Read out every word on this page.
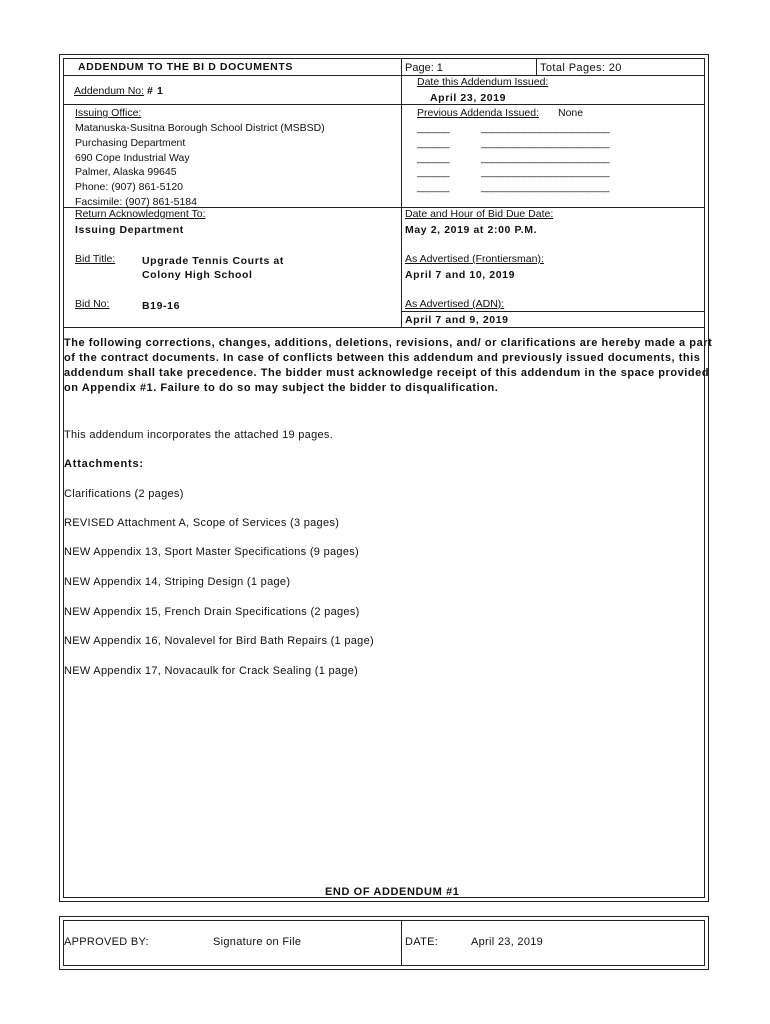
ADDENDUM TO THE BI D DOCUMENTS	Page: 1	Total Pages: 20
Addendum No: # 1
Date this Addendum Issued:
April 23, 2019
Issuing Office:
Matanuska-Susitna Borough School District (MSBSD)
Purchasing Department
690 Cope Industrial Way
Palmer, Alaska 99645
Phone: (907) 861-5120
Facsimile: (907) 861-5184
Previous Addenda Issued: None
______	________________________
______	________________________
______	________________________
______	________________________
______	________________________
Return Acknowledgment To:
Issuing Department
Date and Hour of Bid Due Date:
May 2, 2019 at 2:00 P.M.
Bid Title:	Upgrade Tennis Courts at
Colony High School
As Advertised (Frontiersman):
April 7 and 10, 2019
Bid No:	B19-16	As Advertised (ADN):
April 7 and 9, 2019
The following corrections, changes, additions, deletions, revisions, and/ or clarifications are hereby made a part of the contract documents. In case of conflicts between this addendum and previously issued documents, this addendum shall take precedence. The bidder must acknowledge receipt of this addendum in the space provided on Appendix #1. Failure to do so may subject the bidder to disqualification.
This addendum incorporates the attached 19 pages.
Attachments:
Clarifications (2 pages)
REVISED Attachment A, Scope of Services (3 pages)
NEW Appendix 13, Sport Master Specifications (9 pages)
NEW Appendix 14, Striping Design (1 page)
NEW Appendix 15, French Drain Specifications (2 pages)
NEW Appendix 16, Novalevel for Bird Bath Repairs (1 page)
NEW Appendix 17, Novacaulk for Crack Sealing (1 page)
END OF ADDENDUM #1
APPROVED BY:	Signature on File	DATE:	April 23, 2019
